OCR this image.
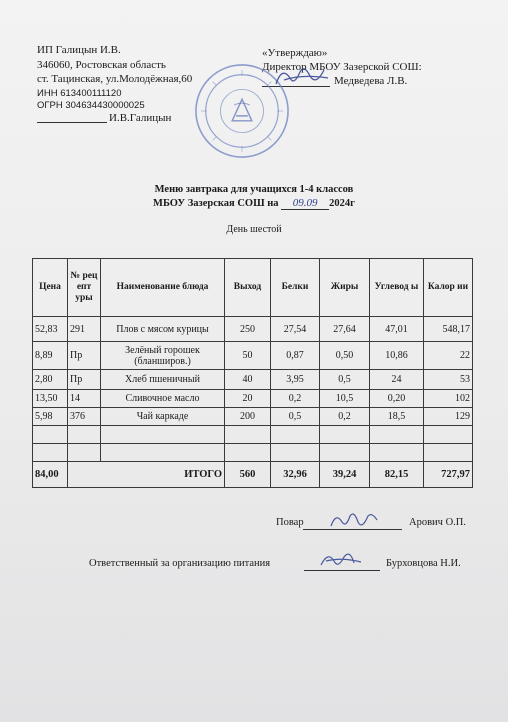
ИП Галицын И.В.
346060, Ростовская область
ст. Тацинская, ул.Молодёжная,60
ИНН 613400111120
ОГРН 304634430000025
И.В.Галицын
«Утверждаю»
Директор МБОУ Зазерской СОШ:
Медведева Л.В.
Меню завтрака для учащихся 1-4 классов
МБОУ Зазерская СОШ на 09.09 2024г
День шестой
Цена	№ рец епт уры	Наименование блюда	Выход	Белки	Жиры	Углевод ы	Калор ии
52,83	291	Плов с мясом курицы	250	27,54	27,64	47,01	548,17
8,89	Пр	Зелёный горошек (бланширов.)	50	0,87	0,50	10,86	22
2,80	Пр	Хлеб пшеничный	40	3,95	0,5	24	53
13,50	14	Сливочное масло	20	0,2	10,5	0,20	102
5,98	376	Чай каркаде	200	0,5	0,2	18,5	129

84,00	ИТОГО		560	32,96	39,24	82,15	727,97
Повар	Арович О.П.
Ответственный за организацию питания	Бурховцова Н.И.
